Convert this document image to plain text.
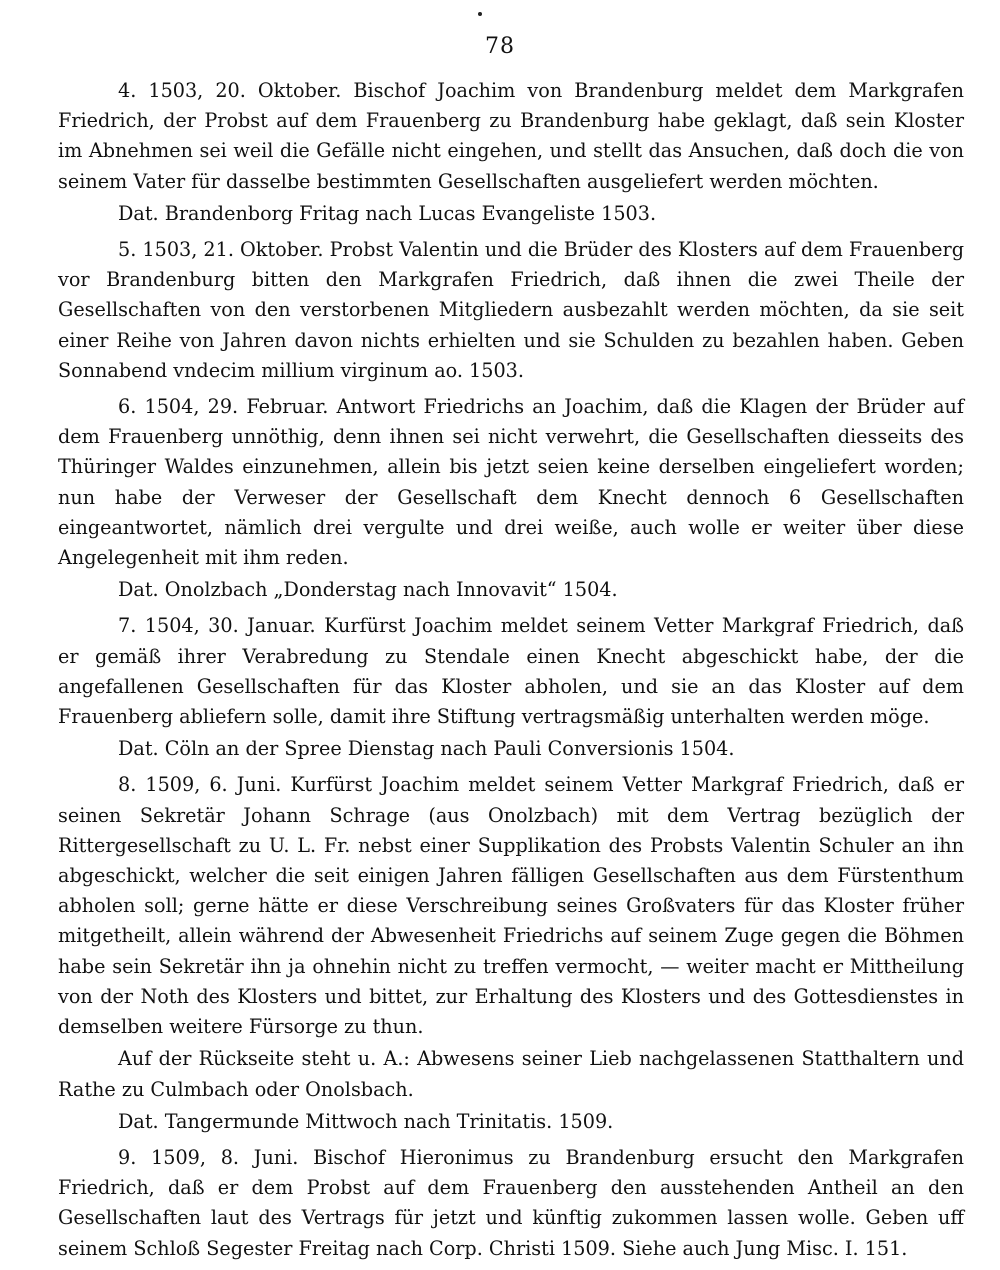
78

4. 1503, 20. Oktober. Bischof Joachim von Brandenburg meldet dem Markgrafen Friedrich, der Probst auf dem Frauenberg zu Brandenburg habe geklagt, daß sein Kloster im Abnehmen sei weil die Gefälle nicht eingehen, und stellt das Ansuchen, daß doch die von seinem Vater für dasselbe bestimmten Gesellschaften ausgeliefert werden möchten.

Dat. Brandenborg Fritag nach Lucas Evangeliste 1503.

5. 1503, 21. Oktober. Probst Valentin und die Brüder des Klosters auf dem Frauenberg vor Brandenburg bitten den Markgrafen Friedrich, daß ihnen die zwei Theile der Gesellschaften von den verstorbenen Mitgliedern ausbezahlt werden möchten, da sie seit einer Reihe von Jahren davon nichts erhielten und sie Schulden zu bezahlen haben. Geben Sonnabend vndecim millium virginum ao. 1503.

6. 1504, 29. Februar. Antwort Friedrichs an Joachim, daß die Klagen der Brüder auf dem Frauenberg unnöthig, denn ihnen sei nicht verwehrt, die Gesellschaften diesseits des Thüringer Waldes einzunehmen, allein bis jetzt seien keine derselben eingeliefert worden; nun habe der Verweser der Gesellschaft dem Knecht dennoch 6 Gesellschaften eingeantwortet, nämlich drei vergulte und drei weiße, auch wolle er weiter über diese Angelegenheit mit ihm reden.

Dat. Onolzbach „Donderstag nach Innovavit“ 1504.

7. 1504, 30. Januar. Kurfürst Joachim meldet seinem Vetter Markgraf Friedrich, daß er gemäß ihrer Verabredung zu Stendale einen Knecht abgeschickt habe, der die angefallenen Gesellschaften für das Kloster abholen, und sie an das Kloster auf dem Frauenberg abliefern solle, damit ihre Stiftung vertragsmäßig unterhalten werden möge.

Dat. Cöln an der Spree Dienstag nach Pauli Conversionis 1504.

8. 1509, 6. Juni. Kurfürst Joachim meldet seinem Vetter Markgraf Friedrich, daß er seinen Sekretär Johann Schrage (aus Onolzbach) mit dem Vertrag bezüglich der Rittergesellschaft zu U. L. Fr. nebst einer Supplikation des Probsts Valentin Schuler an ihn abgeschickt, welcher die seit einigen Jahren fälligen Gesellschaften aus dem Fürstenthum abholen soll; gerne hätte er diese Verschreibung seines Großvaters für das Kloster früher mitgetheilt, allein während der Abwesenheit Friedrichs auf seinem Zuge gegen die Böhmen habe sein Sekretär ihn ja ohnehin nicht zu treffen vermocht, — weiter macht er Mittheilung von der Noth des Klosters und bittet, zur Erhaltung des Klosters und des Gottesdienstes in demselben weitere Fürsorge zu thun.

Auf der Rückseite steht u. A.: Abwesens seiner Lieb nachgelassenen Statthaltern und Rathe zu Culmbach oder Onolsbach.

Dat. Tangermunde Mittwoch nach Trinitatis. 1509.

9. 1509, 8. Juni. Bischof Hieronimus zu Brandenburg ersucht den Markgrafen Friedrich, daß er dem Probst auf dem Frauenberg den ausstehenden Antheil an den Gesellschaften laut des Vertrags für jetzt und künftig zukommen lassen wolle. Geben uff seinem Schloß Segester Freitag nach Corp. Christi 1509. Siehe auch Jung Misc. I. 151.
